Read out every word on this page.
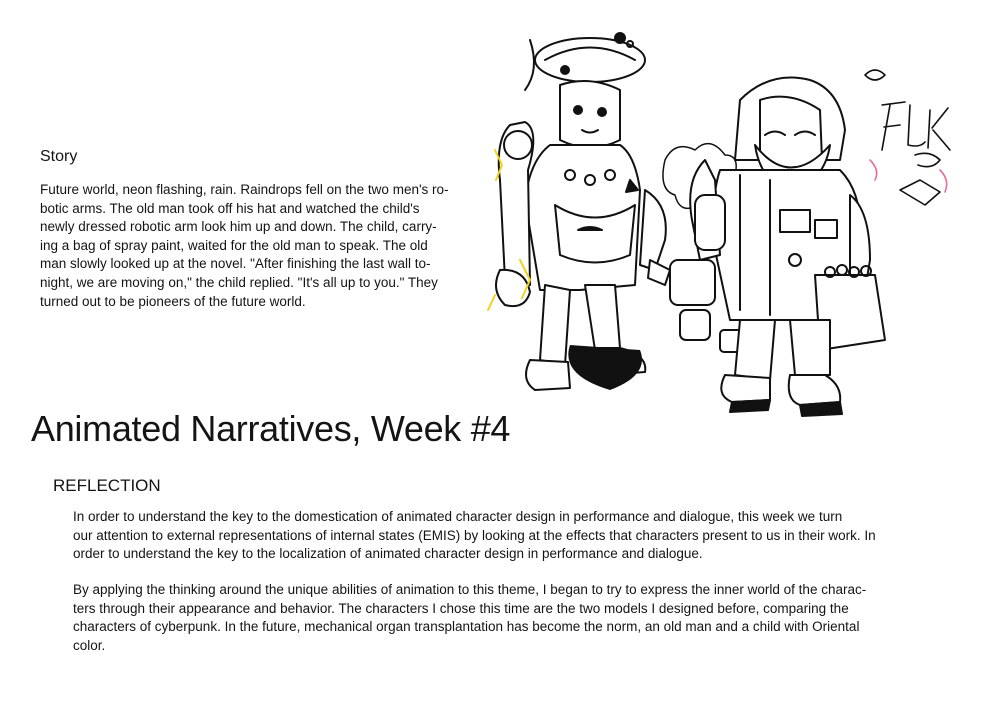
Story
Future world, neon flashing, rain. Raindrops fell on the two men's ro-
botic arms. The old man took off his hat and watched the child's
newly dressed robotic arm look him up and down. The child, carry-
ing a bag of spray paint, waited for the old man to speak. The old
man slowly looked up at the novel. "After finishing the last wall to-
night, we are moving on," the child replied. "It's all up to you." They
turned out to be pioneers of the future world.
Animated Narratives, Week #4
REFLECTION
In order to understand the key to the domestication of animated character design in performance and dialogue, this week we turn
our attention to external representations of internal states (EMIS) by looking at the effects that characters present to us in their work. In
order to understand the key to the localization of animated character design in performance and dialogue.
By applying the thinking around the unique abilities of animation to this theme, I began to try to express the inner world of the charac-
ters through their appearance and behavior. The characters I chose this time are the two models I designed before, comparing the
characters of cyberpunk. In the future, mechanical organ transplantation has become the norm, an old man and a child with Oriental
color.
